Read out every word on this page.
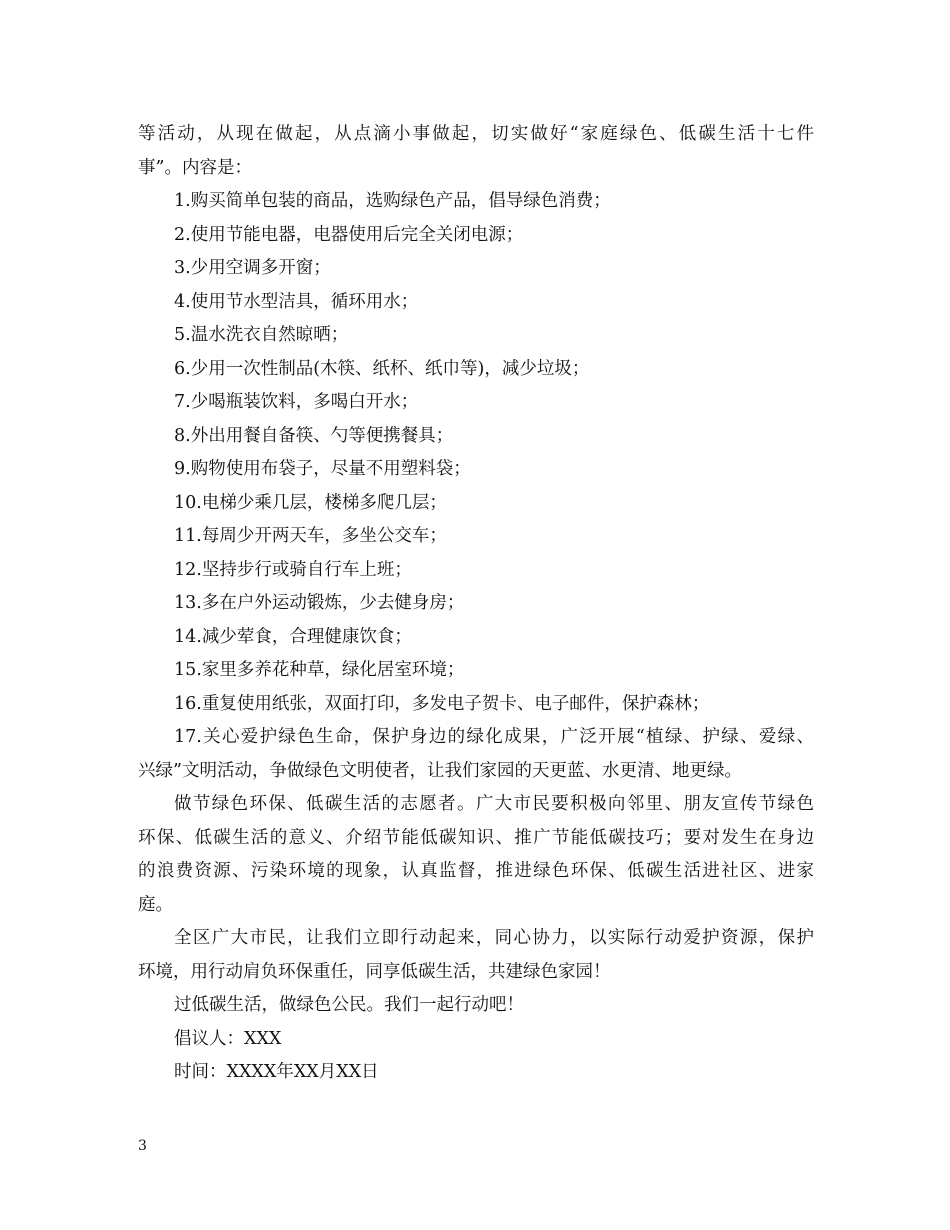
等活动，从现在做起，从点滴小事做起，切实做好“家庭绿色、低碳生活十七件
事”。内容是：
1.购买简单包装的商品，选购绿色产品，倡导绿色消费；
2.使用节能电器，电器使用后完全关闭电源；
3.少用空调多开窗；
4.使用节水型洁具，循环用水；
5.温水洗衣自然晾晒；
6.少用一次性制品(木筷、纸杯、纸巾等)，减少垃圾；
7.少喝瓶装饮料，多喝白开水；
8.外出用餐自备筷、勺等便携餐具；
9.购物使用布袋子，尽量不用塑料袋；
10.电梯少乘几层，楼梯多爬几层；
11.每周少开两天车，多坐公交车；
12.坚持步行或骑自行车上班；
13.多在户外运动锻炼，少去健身房；
14.减少荤食，合理健康饮食；
15.家里多养花种草，绿化居室环境；
16.重复使用纸张，双面打印，多发电子贺卡、电子邮件，保护森林；
17.关心爱护绿色生命，保护身边的绿化成果，广泛开展“植绿、护绿、爱绿、
兴绿”文明活动，争做绿色文明使者，让我们家园的天更蓝、水更清、地更绿。
做节绿色环保、低碳生活的志愿者。广大市民要积极向邻里、朋友宣传节绿色
环保、低碳生活的意义、介绍节能低碳知识、推广节能低碳技巧；要对发生在身边
的浪费资源、污染环境的现象，认真监督，推进绿色环保、低碳生活进社区、进家
庭。
全区广大市民，让我们立即行动起来，同心协力，以实际行动爱护资源，保护
环境，用行动肩负环保重任，同享低碳生活，共建绿色家园！
过低碳生活，做绿色公民。我们一起行动吧！
倡议人：XXX
时间：XXXX年XX月XX日
3
